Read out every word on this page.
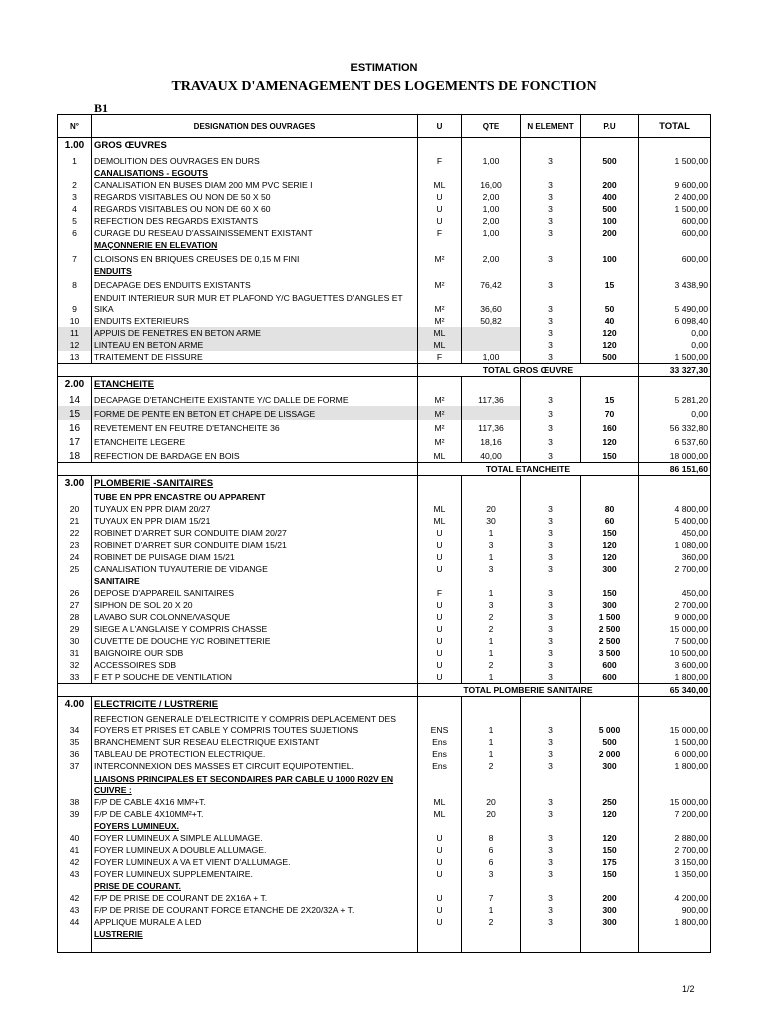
ESTIMATION
TRAVAUX D'AMENAGEMENT DES LOGEMENTS DE FONCTION
B1
N°	DESIGNATION DES OUVRAGES	U	QTE	N ELEMENT	P.U	TOTAL
1.00	GROS ŒUVRES					
1	DEMOLITION DES OUVRAGES EN DURS	F	1,00	3	500	1 500,00
	CANALISATIONS - EGOUTS					
2	CANALISATION EN BUSES DIAM 200 MM PVC SERIE I	ML	16,00	3	200	9 600,00
3	REGARDS VISITABLES OU NON DE 50 X 50	U	2,00	3	400	2 400,00
4	REGARDS VISITABLES OU NON DE 60 X 60	U	1,00	3	500	1 500,00
5	REFECTION DES REGARDS EXISTANTS	U	2,00	3	100	600,00
6	CURAGE DU RESEAU D'ASSAINISSEMENT EXISTANT	F	1,00	3	200	600,00
	MAÇONNERIE EN ELEVATION					
7	CLOISONS EN BRIQUES CREUSES DE 0,15 M FINI	M²	2,00	3	100	600,00
	ENDUITS					
8	DECAPAGE DES ENDUITS EXISTANTS	M²	76,42	3	15	3 438,90
9	ENDUIT INTERIEUR SUR MUR ET PLAFOND Y/C BAGUETTES D'ANGLES ET SIKA	M²	36,60	3	50	5 490,00
10	ENDUITS EXTERIEURS	M²	50,82	3	40	6 098,40
11	APPUIS DE FENETRES EN BETON ARME	ML		3	120	0,00
12	LINTEAU EN BETON ARME	ML		3	120	0,00
13	TRAITEMENT DE FISSURE	F	1,00	3	500	1 500,00
		TOTAL GROS ŒUVRE				33 327,30
2.00	ETANCHEITE					
14	DECAPAGE D'ETANCHEITE EXISTANTE Y/C DALLE DE FORME	M²	117,36	3	15	5 281,20
15	FORME DE PENTE EN BETON ET CHAPE DE LISSAGE	M²		3	70	0,00
16	REVETEMENT EN FEUTRE D'ETANCHEITE 36	M²	117,36	3	160	56 332,80
17	ETANCHEITE LEGERE	M²	18,16	3	120	6 537,60
18	REFECTION DE BARDAGE EN BOIS	ML	40,00	3	150	18 000,00
		TOTAL ETANCHEITE				86 151,60
3.00	PLOMBERIE -SANITAIRES					
	TUBE EN PPR ENCASTRE OU APPARENT					
20	TUYAUX EN PPR DIAM 20/27	ML	20	3	80	4 800,00
21	TUYAUX EN PPR DIAM 15/21	ML	30	3	60	5 400,00
22	ROBINET D'ARRET SUR CONDUITE DIAM 20/27	U	1	3	150	450,00
23	ROBINET D'ARRET SUR CONDUITE DIAM 15/21	U	3	3	120	1 080,00
24	ROBINET DE PUISAGE DIAM 15/21	U	1	3	120	360,00
25	CANALISATION TUYAUTERIE DE VIDANGE	U	3	3	300	2 700,00
	SANITAIRE					
26	DEPOSE D'APPAREIL SANITAIRES	F	1	3	150	450,00
27	SIPHON DE SOL 20 X 20	U	3	3	300	2 700,00
28	LAVABO SUR COLONNE/VASQUE	U	2	3	1 500	9 000,00
29	SIEGE A L'ANGLAISE Y COMPRIS CHASSE	U	2	3	2 500	15 000,00
30	CUVETTE DE DOUCHE Y/C ROBINETTERIE	U	1	3	2 500	7 500,00
31	BAIGNOIRE OUR SDB	U	1	3	3 500	10 500,00
32	ACCESSOIRES SDB	U	2	3	600	3 600,00
33	F ET P SOUCHE DE VENTILATION	U	1	3	600	1 800,00
		TOTAL PLOMBERIE SANITAIRE				65 340,00
4.00	ELECTRICITE / LUSTRERIE					
34	REFECTION GENERALE D'ELECTRICITE Y COMPRIS DEPLACEMENT DES FOYERS ET PRISES ET CABLE Y COMPRIS TOUTES SUJETIONS	ENS	1	3	5 000	15 000,00
35	BRANCHEMENT SUR RESEAU ELECTRIQUE EXISTANT	Ens	1	3	500	1 500,00
36	TABLEAU DE PROTECTION ELECTRIQUE.	Ens	1	3	2 000	6 000,00
37	INTERCONNEXION DES MASSES ET CIRCUIT EQUIPOTENTIEL.	Ens	2	3	300	1 800,00
	LIAISONS PRINCIPALES ET SECONDAIRES PAR CABLE U 1000 R02V EN CUIVRE :					
38	F/P DE CABLE 4X16 MM²+T.	ML	20	3	250	15 000,00
39	F/P DE CABLE 4X10MM²+T.	ML	20	3	120	7 200,00
	FOYERS LUMINEUX.					
40	FOYER LUMINEUX A SIMPLE ALLUMAGE.	U	8	3	120	2 880,00
41	FOYER LUMINEUX A DOUBLE ALLUMAGE.	U	6	3	150	2 700,00
42	FOYER LUMINEUX A VA ET VIENT D'ALLUMAGE.	U	6	3	175	3 150,00
43	FOYER LUMINEUX SUPPLEMENTAIRE.	U	3	3	150	1 350,00
	PRISE DE COURANT.					
42	F/P DE PRISE DE COURANT DE 2X16A + T.	U	7	3	200	4 200,00
43	F/P DE PRISE DE COURANT FORCE ETANCHE DE 2X20/32A + T.	U	1	3	300	900,00
44	APPLIQUE MURALE A LED	U	2	3	300	1 800,00
	LUSTRERIE					

1/2
